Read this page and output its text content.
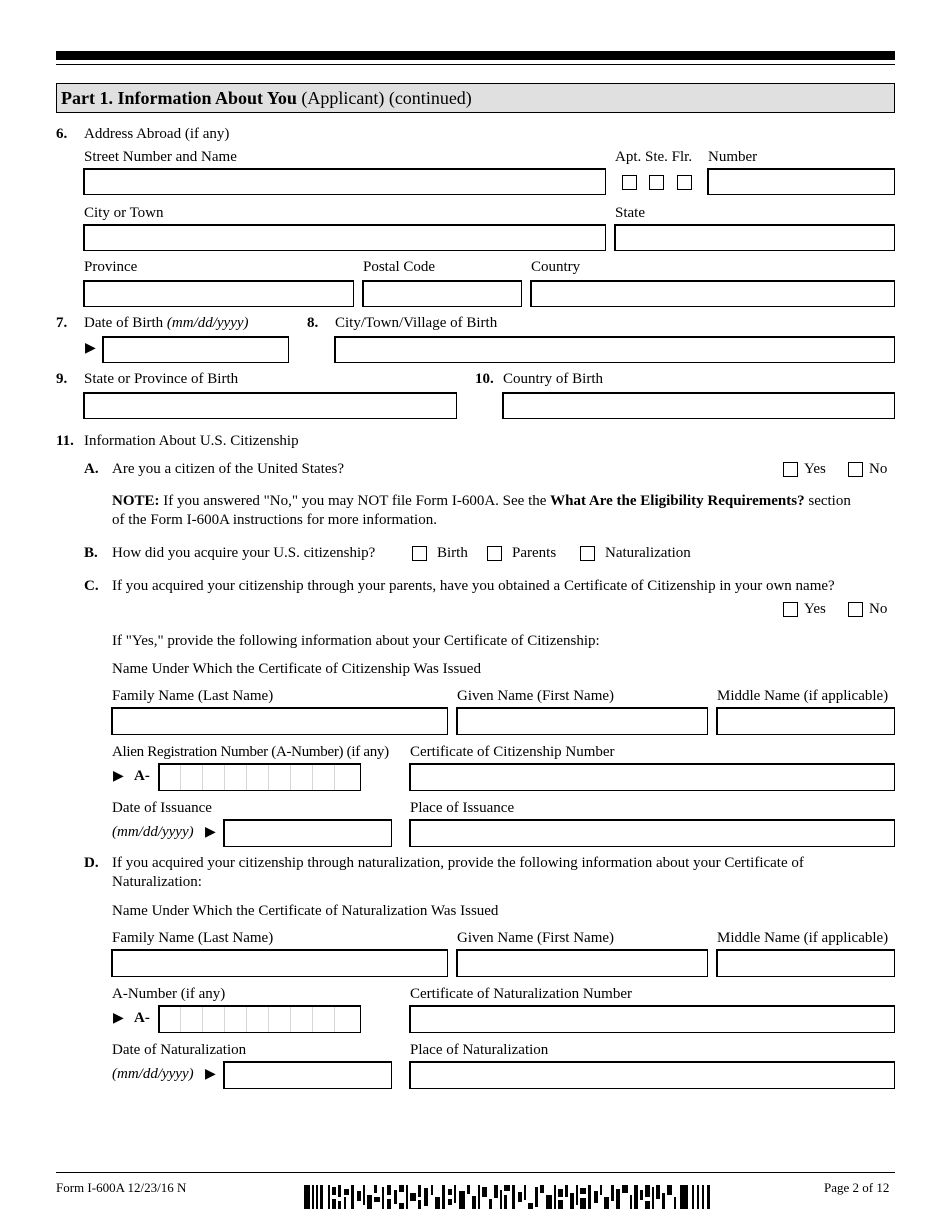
Part 1. Information About You (Applicant) (continued)
6. Address Abroad (if any)
Street Number and Name	Apt. Ste. Flr. Number
City or Town	State
Province	Postal Code	Country
7. Date of Birth (mm/dd/yyyy)
▶
8. City/Town/Village of Birth
9. State or Province of Birth	10. Country of Birth
11. Information About U.S. Citizenship
A. Are you a citizen of the United States?	Yes	No
NOTE: If you answered "No," you may NOT file Form I-600A. See the What Are the Eligibility Requirements? section
of the Form I-600A instructions for more information.
B. How did you acquire your U.S. citizenship?	Birth	Parents	Naturalization
C. If you acquired your citizenship through your parents, have you obtained a Certificate of Citizenship in your own name?
Yes	No
If "Yes," provide the following information about your Certificate of Citizenship:
Name Under Which the Certificate of Citizenship Was Issued
Family Name (Last Name)	Given Name (First Name)	Middle Name (if applicable)
Alien Registration Number (A-Number) (if any) Certificate of Citizenship Number
▶ A-
Date of Issuance	Place of Issuance
(mm/dd/yyyy) ▶
D. If you acquired your citizenship through naturalization, provide the following information about your Certificate of
Naturalization:
Name Under Which the Certificate of Naturalization Was Issued
Family Name (Last Name)	Given Name (First Name)	Middle Name (if applicable)
A-Number (if any)	Certificate of Naturalization Number
▶ A-
Date of Naturalization	Place of Naturalization
(mm/dd/yyyy) ▶
Form I-600A 12/23/16 N	Page 2 of 12
